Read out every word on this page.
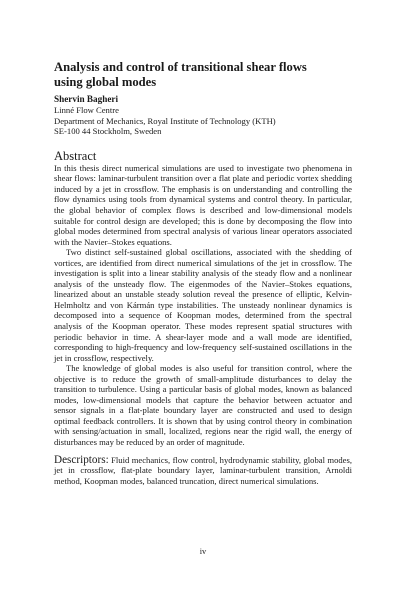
Analysis and control of transitional shear flows
using global modes
Shervin Bagheri
Linné Flow Centre
Department of Mechanics, Royal Institute of Technology (KTH)
SE-100 44 Stockholm, Sweden
Abstract

In this thesis direct numerical simulations are used to investigate two phenomena in shear flows: laminar-turbulent transition over a flat plate and periodic vortex shedding induced by a jet in crossflow. The emphasis is on understanding and controlling the flow dynamics using tools from dynamical systems and control theory. In particular, the global behavior of complex flows is described and low-dimensional models suitable for control design are developed; this is done by decomposing the flow into global modes determined from spectral analysis of various linear operators associated with the Navier–Stokes equations.

Two distinct self-sustained global oscillations, associated with the shedding of vortices, are identified from direct numerical simulations of the jet in crossflow. The investigation is split into a linear stability analysis of the steady flow and a nonlinear analysis of the unsteady flow. The eigenmodes of the Navier–Stokes equations, linearized about an unstable steady solution reveal the presence of elliptic, Kelvin-Helmholtz and von Kármán type instabilities. The unsteady nonlinear dynamics is decomposed into a sequence of Koopman modes, determined from the spectral analysis of the Koopman operator. These modes represent spatial structures with periodic behavior in time. A shear-layer mode and a wall mode are identified, corresponding to high-frequency and low-frequency self-sustained oscillations in the jet in crossflow, respectively.

The knowledge of global modes is also useful for transition control, where the objective is to reduce the growth of small-amplitude disturbances to delay the transition to turbulence. Using a particular basis of global modes, known as balanced modes, low-dimensional models that capture the behavior between actuator and sensor signals in a flat-plate boundary layer are constructed and used to design optimal feedback controllers. It is shown that by using control theory in combination with sensing/actuation in small, localized, regions near the rigid wall, the energy of disturbances may be reduced by an order of magnitude.

Descriptors: Fluid mechanics, flow control, hydrodynamic stability, global modes, jet in crossflow, flat-plate boundary layer, laminar-turbulent transition, Arnoldi method, Koopman modes, balanced truncation, direct numerical simulations.
iv
